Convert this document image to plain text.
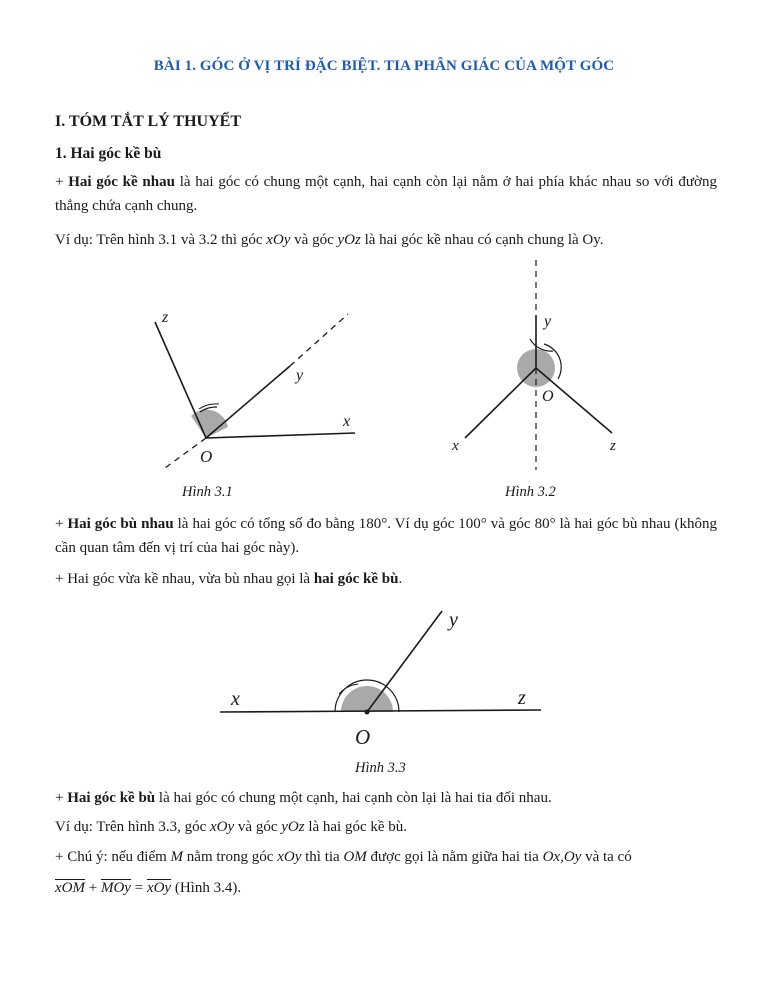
BÀI 1. GÓC Ở VỊ TRÍ ĐẶC BIỆT. TIA PHÂN GIÁC CỦA MỘT GÓC
I. TÓM TẮT LÝ THUYẾT
1. Hai góc kề bù
+ Hai góc kề nhau là hai góc có chung một cạnh, hai cạnh còn lại nằm ở hai phía khác nhau so với đường thẳng chứa cạnh chung.
Ví dụ: Trên hình 3.1 và 3.2 thì góc xOy và góc yOz là hai góc kề nhau có cạnh chung là Oy.
z
y
x
O
Hình 3.1
y
O
x	z
Hình 3.2
+ Hai góc bù nhau là hai góc có tổng số đo bằng 180°. Ví dụ góc 100° và góc 80° là hai góc bù nhau (không cần quan tâm đến vị trí của hai góc này).
+ Hai góc vừa kề nhau, vừa bù nhau gọi là hai góc kề bù.
y
x	z
O
Hình 3.3
+ Hai góc kề bù là hai góc có chung một cạnh, hai cạnh còn lại là hai tia đối nhau.
Ví dụ: Trên hình 3.3, góc xOy và góc yOz là hai góc kề bù.
+ Chú ý: nếu điểm M nằm trong góc xOy thì tia OM được gọi là nằm giữa hai tia Ox,Oy và ta có
$\overline{xOM} + \overline{MOy} = \overline{xOy}$ (Hình 3.4).
